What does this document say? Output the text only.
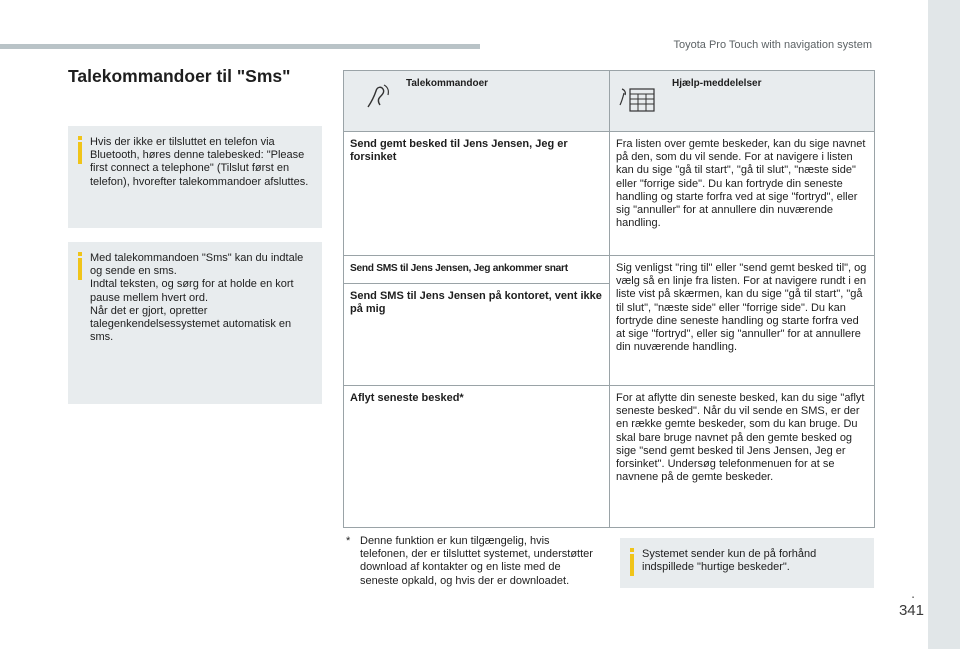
Toyota Pro Touch with navigation system
.
341
Talekommandoer til "Sms"
Hvis der ikke er tilsluttet en telefon via Bluetooth, høres denne talebesked: "Please first connect a telephone" (Tilslut først en telefon), hvorefter talekommandoer afsluttes.
Med talekommandoen "Sms" kan du indtale og sende en sms.
Indtal teksten, og sørg for at holde en kort pause mellem hvert ord.
Når det er gjort, opretter talegenkendelsessystemet automatisk en sms.
Talekommandoer	Hjælp-meddelelser

Send gemt besked til Jens Jensen, Jeg er forsinket	Fra listen over gemte beskeder, kan du sige navnet på den, som du vil sende. For at navigere i listen kan du sige "gå til start", "gå til slut", "næste side" eller "forrige side". Du kan fortryde din seneste handling og starte forfra ved at sige "fortryd", eller sig "annuller" for at annullere din nuværende handling.
Send SMS til Jens Jensen, Jeg ankommer snart	Sig venligst "ring til" eller "send gemt besked til", og vælg så en linje fra listen. For at navigere rundt i en liste vist på skærmen, kan du sige "gå til start", "gå til slut", "næste side" eller "forrige side". Du kan fortryde dine seneste handling og starte forfra ved at sige "fortryd", eller sig "annuller" for at annullere din nuværende handling.
Send SMS til Jens Jensen på kontoret, vent ikke på mig	
Aflyt seneste besked*	For at aflytte din seneste besked, kan du sige "aflyt seneste besked". Når du vil sende en SMS, er der en række gemte beskeder, som du kan bruge. Du skal bare bruge navnet på den gemte besked og sige "send gemt besked til Jens Jensen, Jeg er forsinket". Undersøg telefonmenuen for at se navnene på de gemte beskeder.
* Denne funktion er kun tilgængelig, hvis telefonen, der er tilsluttet systemet, understøtter download af kontakter og en liste med de seneste opkald, og hvis der er downloadet.
Systemet sender kun de på forhånd indspillede "hurtige beskeder".
